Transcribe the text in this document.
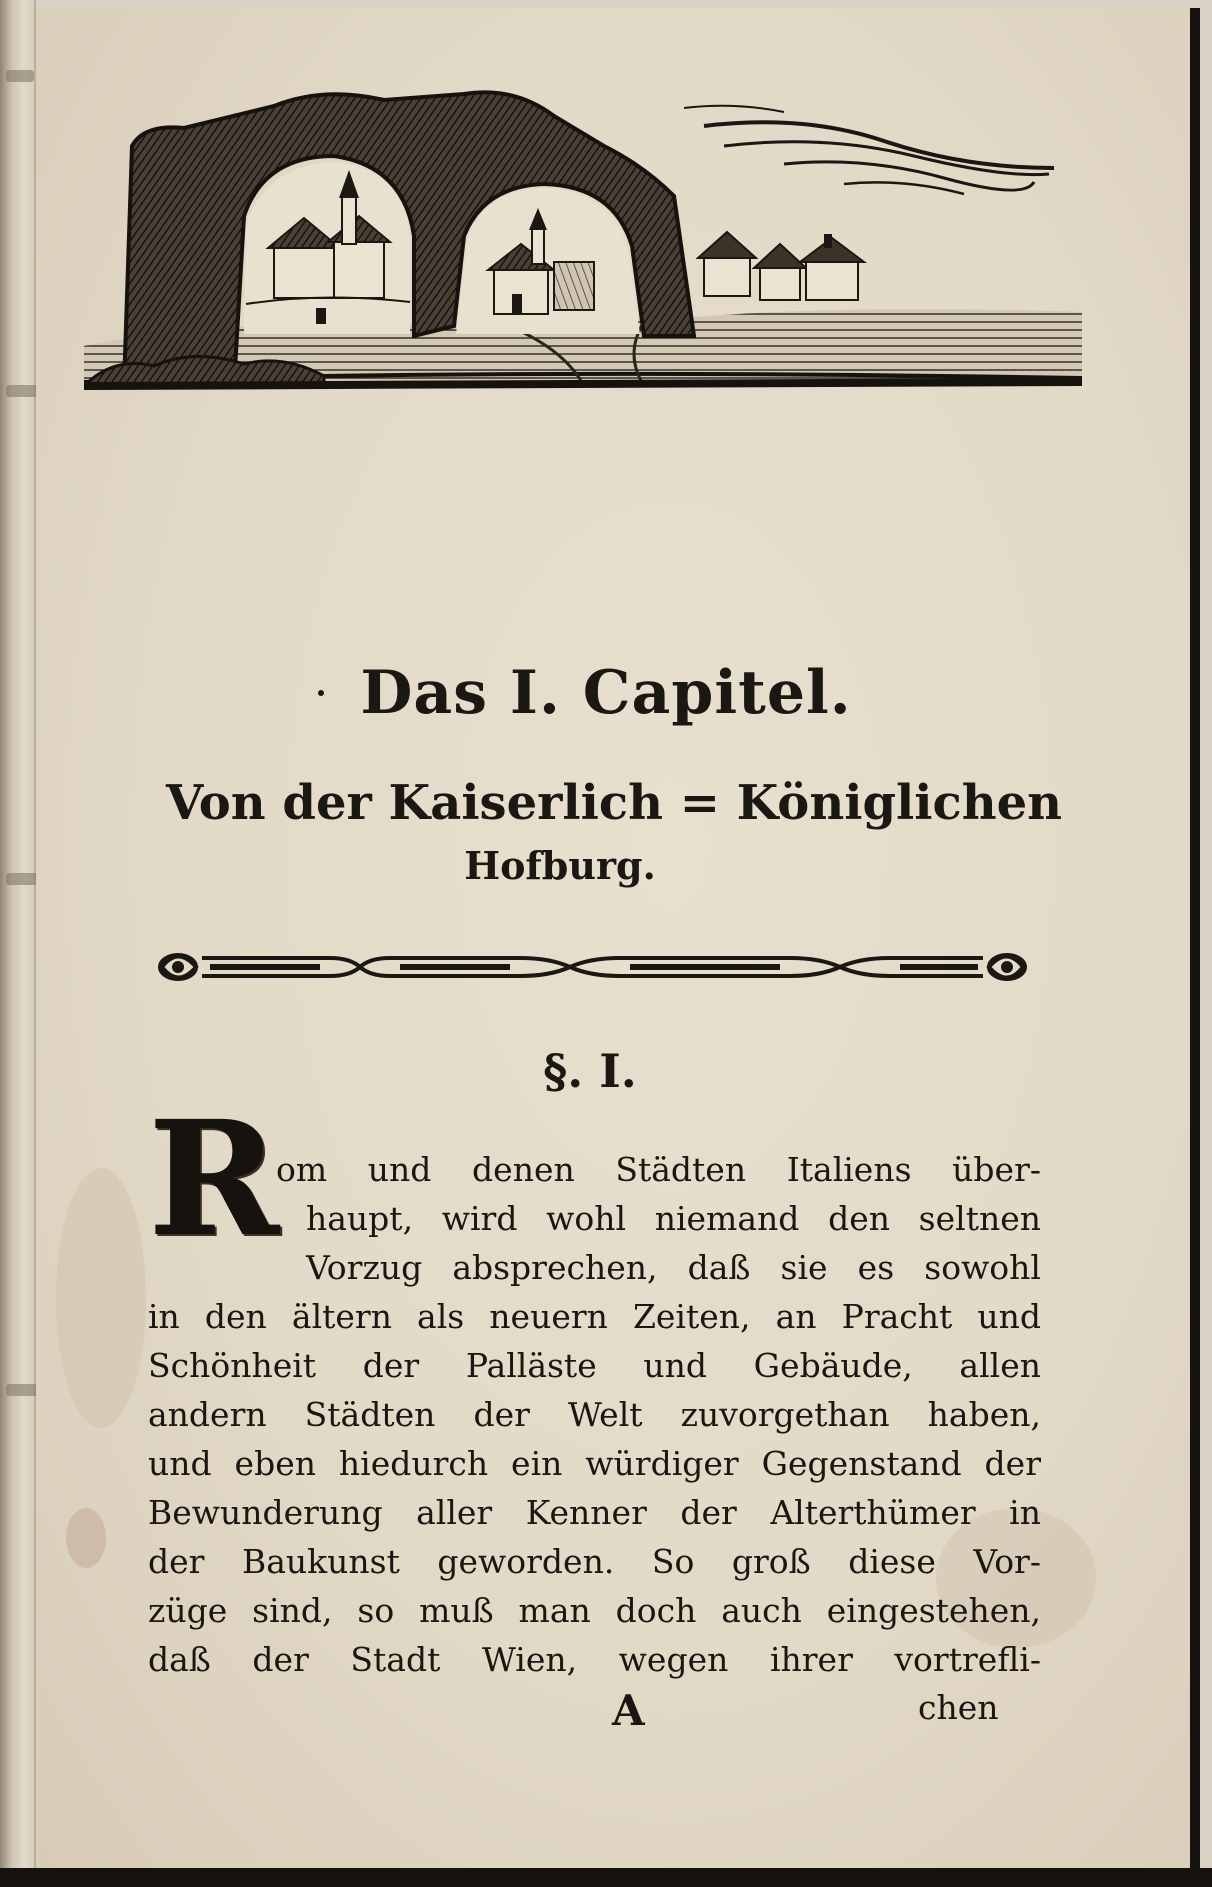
Das I. Capitel.
Von der Kaiserlich = Königlichen
Hofburg.
§. I.
R
om und denen Städten Italiens über-
haupt, wird wohl niemand den seltnen
Vorzug absprechen, daß sie es sowohl
in den ältern als neuern Zeiten, an Pracht und
Schönheit der Palläste und Gebäude, allen
andern Städten der Welt zuvorgethan haben,
und eben hiedurch ein würdiger Gegenstand der
Bewunderung aller Kenner der Alterthümer in
der Baukunst geworden. So groß diese Vor-
züge sind, so muß man doch auch eingestehen,
daß der Stadt Wien, wegen ihrer vortrefli-
A	chen
